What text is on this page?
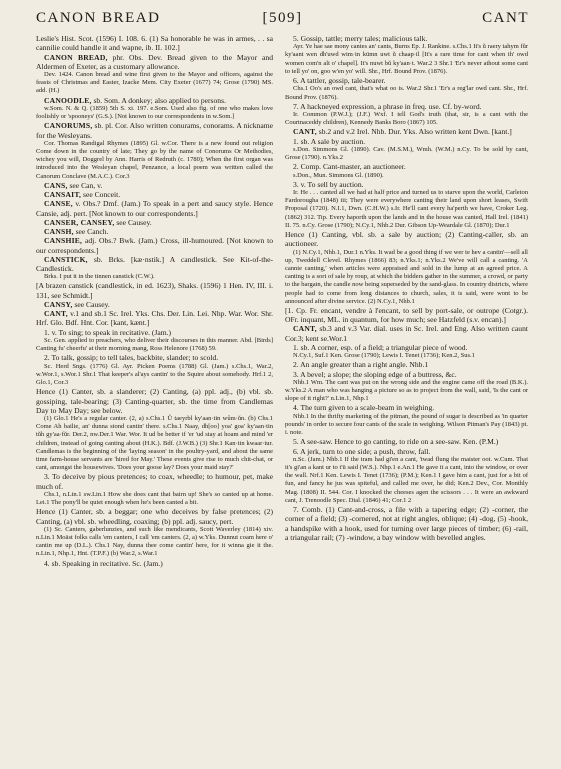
CANON BREAD	[509]	CANT

Leslie's Hist. Scot. (1596) I. 108. 6. (1) Sa honorable he was in armes, . . sa cannilie could handle it and wapne, ib. II. 102.]

CANON BREAD, phr. Obs. Dev. Bread given to the Mayor and Aldermen of Exeter, as a customary allowance.

Dev. 1424. Canon bread and wine first given to the Mayor and officers, against the feasts of Christmas and Easter, Izacke Mem. City Exeter (1677) 74; Grose (1790) MS. add. (H.)

CANOODLE, sb. Som. A donkey; also applied to persons.

w.Som. N. & Q. (1859) 5th S. xi. 197. e.Som. Used also fig. of one who makes love foolishly or 'spooneys' (G.S.). [Not known to our correspondents in w.Som.]

CANORUMS, sb. pl. Cor. Also written conurams, conorams. A nickname for the Wesleyans.

Cor. Thomas Randigal Rhymes (1895) Gl. w.Cor. There is a new found out religion Come down in the country of late; They go by the name of Conorums Or Methodies, wichey you will, Doggrel by Ann. Harris of Redruth (c. 1780); When the first organ was introduced into the Wesleyan chapel, Penzance, a local poem was written called the Canorum Conclave (M.A.C.). Cor.3

CANS, see Can, v.

CANSAIT, see Conceit.

CANSE, v. Obs.? Dmf. (Jam.) To speak in a pert and saucy style. Hence Cansie, adj. pert. [Not known to our correspondents.]

CANSER, CANSEY, see Causey.

CANSH, see Canch.

CANSHIE, adj. Obs.? Bwk. (Jam.) Cross, ill-humoured. [Not known to our correspondents.]

CANSTICK, sb. Brks. [kæ·nstik.] A candlestick. See Kit-of-the-Candlestick.

Brks. I put it in the tinnen canstick (C.W.).

[A brazen canstick (candlestick, in ed. 1623), Shaks. (1596) 1 Hen. IV, III. i. 131, see Schmidt.]

CANSY, see Causey.

CANT, v.1 and sb.1 Sc. Irel. Yks. Chs. Der. Lin. Lei. Nhp. War. Wor. Shr. Hrf. Glo. Bdf. Hnt. Cor. [kant, kænt.]

1. v. To sing; to speak in recitative. (Jam.)

Sc. Gen. applied to preachers, who deliver their discourses in this manner. Abd. [Birds] Canting fu' cheerfu' at their morning mang, Ross Helenore (1768) 59.

2. To talk, gossip; to tell tales, backbite, slander; to scold.

Sc. Herd Sngs. (1776) Gl. Ayr. Picken Poems (1788) Gl. (Jam.) s.Chs.1, War.2, w.Wor.1, s.Wor.1 Shr.1 That keeper's al'ays cantin' to the Squire about somebody. Hrf.1 2, Glo.1, Cor.3

Hence (1) Canter, sb. a slanderer; (2) Canting, (a) ppl. adj., (b) vbl. sb. gossiping, tale-bearing; (3) Canting-quarter, sb. the time from Candlemas Day to May Day; see below.

(1) Glo.1 He's a regular canter. (2, a) s.Chs.1 Ŭ taeyrbl ky'aan·tin wům·ŭn. (b) Chs.1 Come Ah bailie, an' dunna stond cantin' there. s.Chs.1 Naay, dh[oo] yoa' goa' ky'aan·tin tŭh gy'aa·fŭr. Der.2, nw.Der.1 War. Wor. It ud be better if 'er 'ud stay at hoam and mind 'er children, instead of going canting about (H.K.). Bdf. (J.W.B.) (3) Shr.1 Kan·tin kwaar·tur. Candlemas is the beginning of the 'laying season' in the poultry-yard, and about the same time farm-house servants are 'hired for May.' These events give rise to much chit-chat, or cant, amongst the housewives. 'Does your goose lay? Does your maid stay?'

3. To deceive by pious pretences; to coax, wheedle; to humour, pet, make much of.

Chs.1, n.Lin.1 sw.Lin.1 How she does cant that bairn up! She's so canted up at home. Lei.1 The pony'll be quiet enough when he's been canted a bit.

Hence (1) Canter, sb. a beggar; one who deceives by false pretences; (2) Canting, (a) vbl. sb. wheedling, coaxing; (b) ppl. adj. saucy, pert.

(1) Sc. Canters, gaberlunzies, and such like mendicants, Scott Waverley (1814) xiv. n.Lin.1 Moäst folks calls 'em canters, I call 'em canters. (2, a) w.Yks. Dunnut coam here o' cantin me up (D.L.). Chs.1 Nay, dunna thee come cantin' here, for it winna gie it the. n.Lin.1, Nhp.1, Hnt. (T.P.F.) (b) War.2, s.War.1

4. sb. Speaking in recitative. Sc. (Jam.)

5. Gossip, tattle; merry tales; malicious talk.

Ayr. Ye hae sae mony cantes an' cants, Burns Ep. J. Rankine. s.Chs.1 It's ŭ raery tahym fŭr ky'aant wen dh'uwd wim·in kümn uwt ŭ chaap·il [It's a rare time for cant when th' owd women com'n alt o' chapel]. It's nuwt bŭ ky'aan·t. War.2 3 Shr.1 'Er's never athout some cant to tell yo' on, goo w'en yo' will. Shr., Hrf. Bound Prov. (1876).

6. A tattler, gossip, tale-bearer.

Chs.1 Oo's an owd cant, that's what oo is. War.2 Shr.1 'Er's a reg'lar owd cant. Shr., Hrf. Bound Prov. (1876).

7. A hackneyed expression, a phrase in freq. use. Cf. by-word.

Ir. Common (P.W.J.); (J.F.) Wxf. I tell God's truth (that, sir, is a cant with the Courtnaceddy children), Kennedy Banks Boro (1867) 105.

CANT, sb.2 and v.2 Irel. Nhb. Dur. Yks. Also written kent Dwn. [kant.]

1. sb. A sale by auction.

s.Don. Simmons Gl. (1890). Cav. (M.S.M.), Wmh. (W.M.) n.Cy. To be sold by cant, Grose (1790). n.Yks.2

2. Comp. Cant-master, an auctioneer.

s.Don., Mun. Simmons Gl. (1890).

3. v. To sell by auction.

Ir. He . . . canted all we had at half price and turned us to starve upon the world, Carleton Fardorougha (1848) iii; They were everywhere canting their land upon short leases, Swift Proposal (1720). N.I.1, Dwn. (C.H.W.) s.Ir. He'll cant every ha'perth we have, Croker Leg. (1862) 312. Tip. Every haporth upon the lands and in the house was canted, Hall Irel. (1841) II. 75. n.Cy. Grose (1790); N.Cy.1, Nhb.2 Dur. Gibson Up-Weardale Gl. (1870); Dur.1

Hence (1) Canting, vbl. sb. a sale by auction; (2) Canting-caller, sb. an auctioneer.

(1) N.Cy.1, Nhb.1, Dur.1 n.Yks. It wad be a good thing if we wer te hev a cantin'—sell all up, Tweddell Clevel. Rhymes (1866) 83; n.Yks.1; n.Yks.2 We've will call a canting. 'A cannie canting,' when articles were appraised and sold in the lump at an agreed price. A canting is a sort of sale by roup, at which the bidders gather in the summer, a crowd, or party to the bargain, the candle now being superseded by the sand-glass. In country districts, where people had to come from long distances to church, sales, it is said, were wont to be announced after divine service. (2) N.Cy.1, Nhb.1

[1. Cp. Fr. encant, vendre à l'encant, to sell by port-sale, or outrope (Cotgr.). OFr. inquant, ML. in quantum, for how much; see Hatzfeld (s.v. encan).]

CANT, sb.3 and v.3 Var. dial. uses in Sc. Irel. and Eng. Also written caunt Cor.3; kent se.Wor.1

1. sb. A corner, esp. of a field; a triangular piece of wood.

N.Cy.1, Suf.1 Ken. Grose (1790); Lewis I. Tenet (1736); Ken.2, Sus.1

2. An angle greater than a right angle. Nhb.1

3. A bevel; a slope; the sloping edge of a buttress, &c.

Nhb.1 Wm. The cant was put on the wrong side and the engine came off the road (B.K.). w.Yks.2 A man who was hanging a picture so as to project from the wall, said, 'Is the cant or slope of it right?' n.Lin.1, Nhp.1

4. The turn given to a scale-beam in weighing.

Nhb.1 In the thrifty marketing of the pitman, the pound of sugar is described as 'in quarter pounds' in order to secure four cants of the scale in weighing. Wilson Pitman's Pay (1843) pt. i. note.

5. A see-saw. Hence to go canting, to ride on a see-saw. Ken. (P.M.)

6. A jerk, turn to one side; a push, throw, fall.

n.Sc. (Jam.) Nhb.1 If the tram had gi'en a cant, 'twad flung the maister oot. w.Cum. That it's gi'an a kant ur to t'ü said (W.S.). Nhp.1 e.An.1 He gave it a cant, into the window, or over the wall. Nrf.1 Ken. Lewis I. Tenet (1736); (P.M.); Ken.1 I gave him a cant, just for a bit of fun, and fancy he jus was spiteful, and called me over, he did; Ken.2 Dev., Cor. Monthly Mag. (1808) II. 544. Cor. I knocked the cheeses agen the scissors . . . It were an awkward cant, J. Trenoodle Spec. Dial. (1846) 41; Cor.1 2

7. Comb. (1) Cant-and-cross, a file with a tapering edge; (2) -corner, the corner of a field; (3) -cornered, not at right angles, oblique; (4) -dog, (5) -hook, a handspike with a hook, used for turning over large pieces of timber; (6) -rail, a triangular rail; (7) -window, a bay window with bevelled angles.
